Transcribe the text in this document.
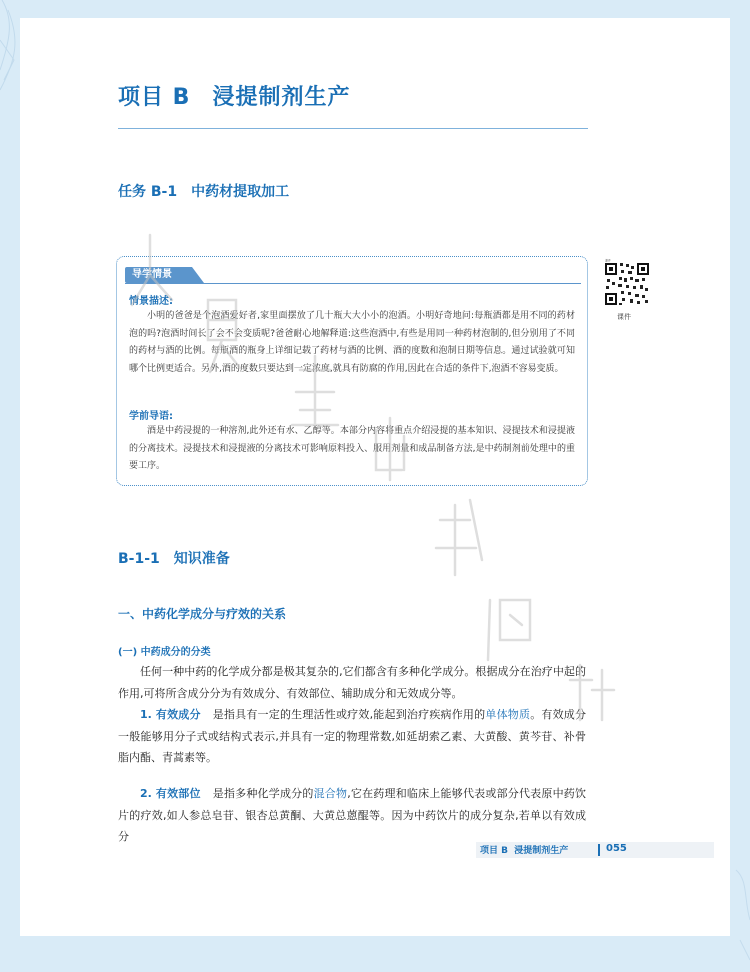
项目 B 浸提制剂生产
任务 B-1 中药材提取加工
导学情景
情景描述:
小明的爸爸是个泡酒爱好者,家里面摆放了几十瓶大大小小的泡酒。小明好奇地问:每瓶酒都是用不同的药材泡的吗?泡酒时间长了会不会变质呢?爸爸耐心地解释道:这些泡酒中,有些是用同一种药材泡制的,但分别用了不同的药材与酒的比例。每瓶酒的瓶身上详细记载了药材与酒的比例、酒的度数和泡制日期等信息。通过试验就可知哪个比例更适合。另外,酒的度数只要达到一定浓度,就具有防腐的作用,因此在合适的条件下,泡酒不容易变质。
学前导语:
酒是中药浸提的一种溶剂,此外还有水、乙醇等。本部分内容将重点介绍浸提的基本知识、浸提技术和浸提液的分离技术。浸提技术和浸提液的分离技术可影响原料投入、服用剂量和成品制备方法,是中药制剂前处理中的重要工序。
课件
课件
B-1-1 知识准备
一、中药化学成分与疗效的关系
(一) 中药成分的分类
任何一种中药的化学成分都是极其复杂的,它们都含有多种化学成分。根据成分在治疗中起的作用,可将所含成分分为有效成分、有效部位、辅助成分和无效成分等。
1. 有效成分 是指具有一定的生理活性或疗效,能起到治疗疾病作用的单体物质。有效成分一般能够用分子式或结构式表示,并具有一定的物理常数,如延胡索乙素、大黄酸、黄芩苷、补骨脂内酯、青蒿素等。
2. 有效部位 是指多种化学成分的混合物,它在药理和临床上能够代表或部分代表原中药饮片的疗效,如人参总皂苷、银杏总黄酮、大黄总蒽醌等。因为中药饮片的成分复杂,若单以有效成分
项目 B 浸提制剂生产	055
人民卫生出版社
